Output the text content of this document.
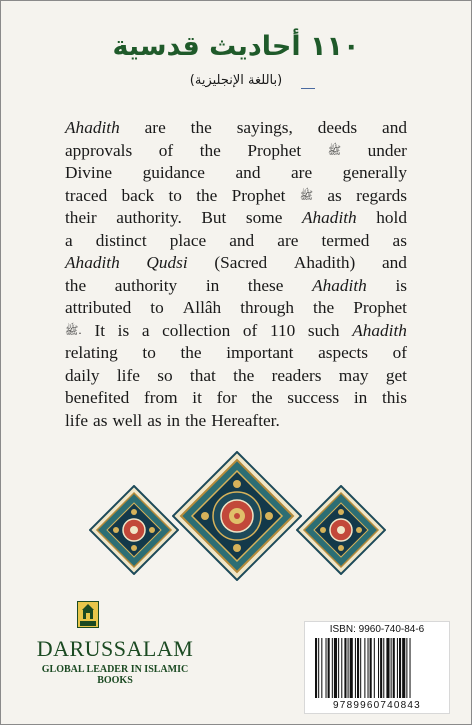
١١٠ أحاديث قدسية
(باللغة الإنجليزية)
Ahadith are the sayings, deeds and
approvals of the Prophet ﷺ under
Divine guidance and are generally
traced back to the Prophet ﷺ as regards
their authority. But some Ahadith hold
a distinct place and are termed as
Ahadith Qudsi (Sacred Ahadith) and
the authority in these Ahadith is
attributed to Allâh through the Prophet
ﷺ. It is a collection of 110 such Ahadith
relating to the important aspects of
daily life so that the readers may get
benefited from it for the success in this
life as well as in the Hereafter.
DARUSSALAM
GLOBAL LEADER IN ISLAMIC BOOKS
ISBN: 9960-740-84-6
9789960740843
